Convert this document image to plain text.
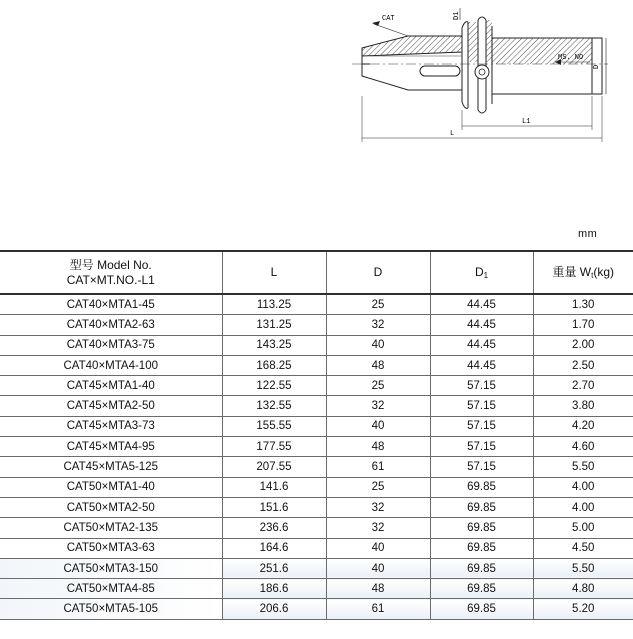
CAT	D1
MS. NO
D
L1
L
mm
型号 Model No.
CAT×MT.NO.-L1	L	D	D1	重量 Wt(kg)
CAT40×MTA1-45	113.25	25	44.45	1.30
CAT40×MTA2-63	131.25	32	44.45	1.70
CAT40×MTA3-75	143.25	40	44.45	2.00
CAT40×MTA4-100	168.25	48	44.45	2.50
CAT45×MTA1-40	122.55	25	57.15	2.70
CAT45×MTA2-50	132.55	32	57.15	3.80
CAT45×MTA3-73	155.55	40	57.15	4.20
CAT45×MTA4-95	177.55	48	57.15	4.60
CAT45×MTA5-125	207.55	61	57.15	5.50
CAT50×MTA1-40	141.6	25	69.85	4.00
CAT50×MTA2-50	151.6	32	69.85	4.00
CAT50×MTA2-135	236.6	32	69.85	5.00
CAT50×MTA3-63	164.6	40	69.85	4.50
CAT50×MTA3-150	251.6	40	69.85	5.50
CAT50×MTA4-85	186.6	48	69.85	4.80
CAT50×MTA5-105	206.6	61	69.85	5.20
